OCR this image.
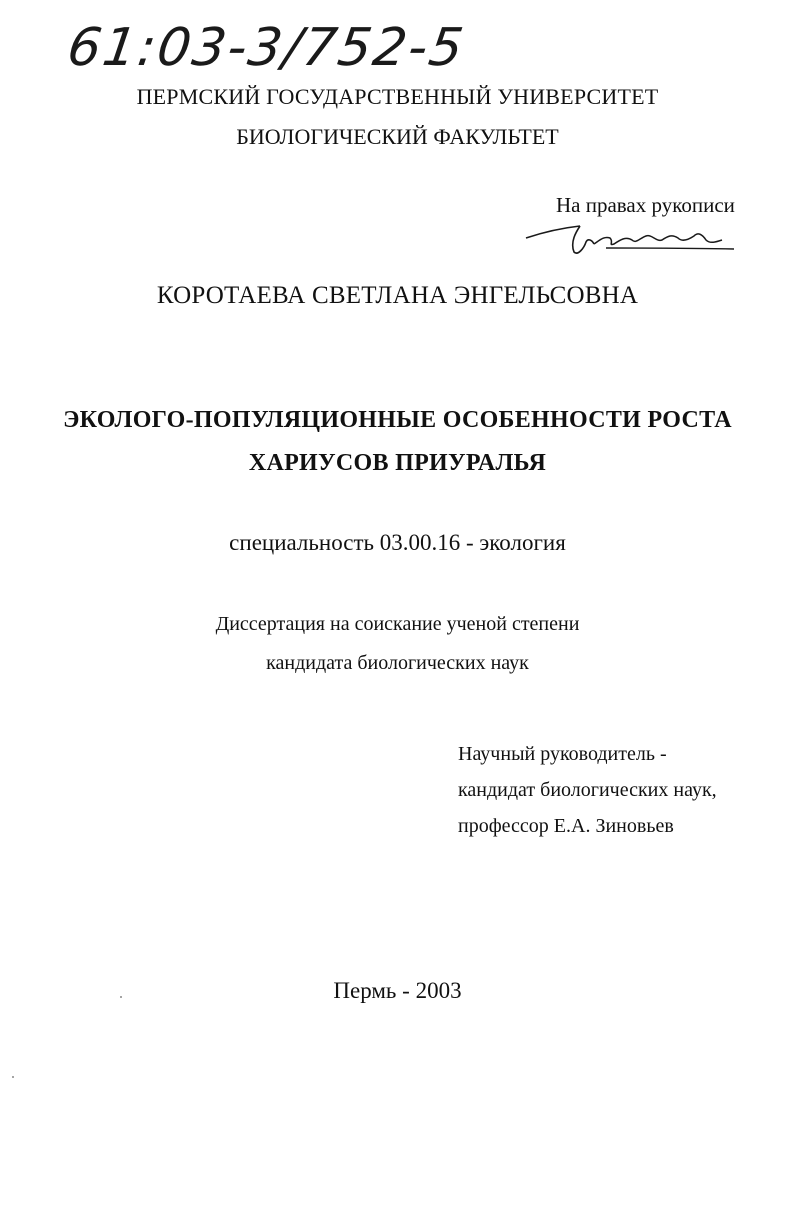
61:03-3/752-5
ПЕРМСКИЙ ГОСУДАРСТВЕННЫЙ УНИВЕРСИТЕТ
БИОЛОГИЧЕСКИЙ ФАКУЛЬТЕТ
На правах рукописи
КОРОТАЕВА СВЕТЛАНА ЭНГЕЛЬСОВНА
ЭКОЛОГО-ПОПУЛЯЦИОННЫЕ ОСОБЕННОСТИ РОСТА
ХАРИУСОВ ПРИУРАЛЬЯ
специальность 03.00.16 - экология
Диссертация на соискание ученой степени
кандидата биологических наук
Научный руководитель -
кандидат биологических наук,
профессор Е.А. Зиновьев
Пермь - 2003
